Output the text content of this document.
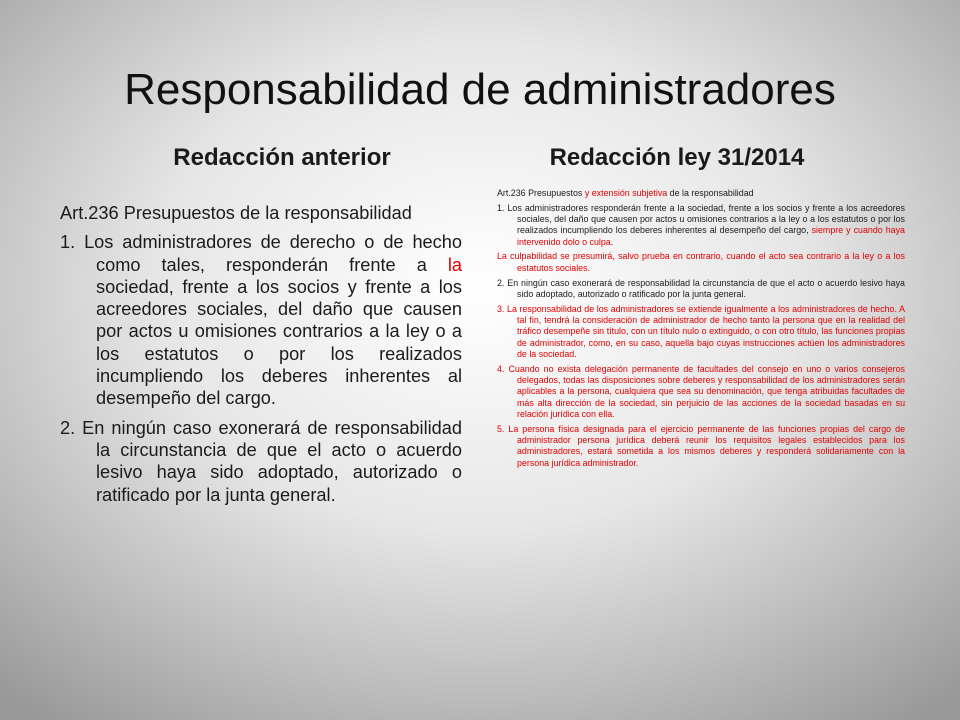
Responsabilidad de administradores
Redacción anterior	Redacción ley 31/2014

Art.236 Presupuestos de la responsabilidad

1. Los administradores de derecho o de hecho como tales, responderán frente a la sociedad, frente a los socios y frente a los acreedores sociales, del daño que causen por actos u omisiones contrarios a la ley o a los estatutos o por los realizados incumpliendo los deberes inherentes al desempeño del cargo.

2. En ningún caso exonerará de responsabilidad la circunstancia de que el acto o acuerdo lesivo haya sido adoptado, autorizado o ratificado por la junta general.

Art.236 Presupuestos y extensión subjetiva de la responsabilidad

1. Los administradores responderán frente a la sociedad, frente a los socios y frente a los acreedores sociales, del daño que causen por actos u omisiones contrarios a la ley o a los estatutos o por los realizados incumpliendo los deberes inherentes al desempeño del cargo, siempre y cuando haya intervenido dolo o culpa.

La culpabilidad se presumirá, salvo prueba en contrario, cuando el acto sea contrario a la ley o a los estatutos sociales.

2. En ningún caso exonerará de responsabilidad la circunstancia de que el acto o acuerdo lesivo haya sido adoptado, autorizado o ratificado por la junta general.

3. La responsabilidad de los administradores se extiende igualmente a los administradores de hecho. A tal fin, tendrá la consideración de administrador de hecho tanto la persona que en la realidad del tráfico desempeñe sin título, con un título nulo o extinguido, o con otro título, las funciones propias de administrador, como, en su caso, aquella bajo cuyas instrucciones actúen los administradores de la sociedad.

4. Cuando no exista delegación permanente de facultades del consejo en uno o varios consejeros delegados, todas las disposiciones sobre deberes y responsabilidad de los administradores serán aplicables a la persona, cualquiera que sea su denominación, que tenga atribuidas facultades de más alta dirección de la sociedad, sin perjuicio de las acciones de la sociedad basadas en su relación jurídica con ella.

5. La persona física designada para el ejercicio permanente de las funciones propias del cargo de administrador persona jurídica deberá reunir los requisitos legales establecidos para los administradores, estará sometida a los mismos deberes y responderá solidariamente con la persona jurídica administrador.
